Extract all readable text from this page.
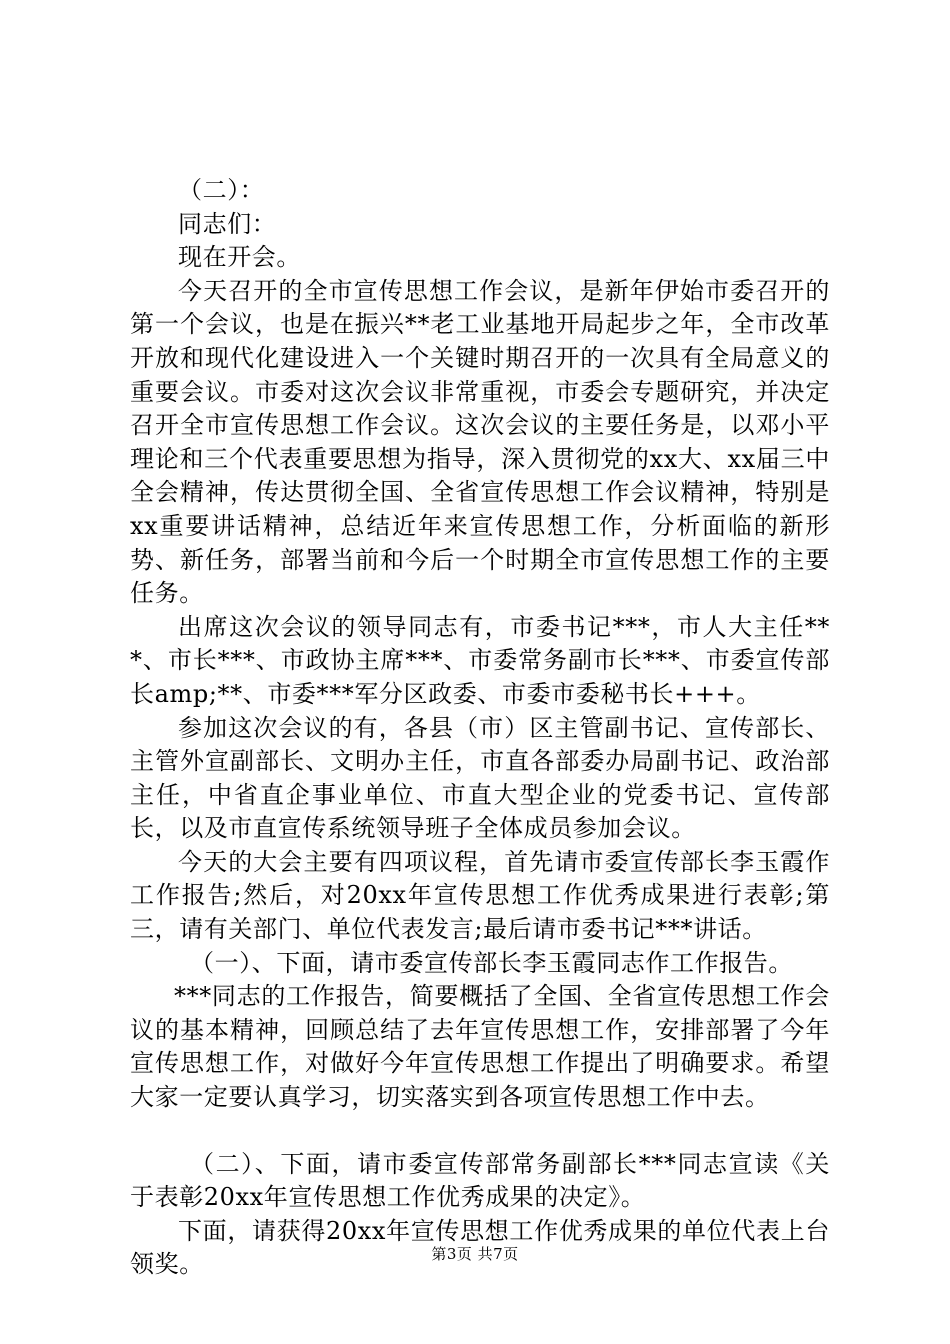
（二）：

同志们：

现在开会。

今天召开的全市宣传思想工作会议，是新年伊始市委召开的第一个会议，也是在振兴**老工业基地开局起步之年，全市改革开放和现代化建设进入一个关键时期召开的一次具有全局意义的重要会议。市委对这次会议非常重视，市委会专题研究，并决定召开全市宣传思想工作会议。这次会议的主要任务是，以邓小平理论和三个代表重要思想为指导，深入贯彻党的xx大、xx届三中全会精神，传达贯彻全国、全省宣传思想工作会议精神，特别是xx重要讲话精神，总结近年来宣传思想工作，分析面临的新形势、新任务，部署当前和今后一个时期全市宣传思想工作的主要任务。

出席这次会议的领导同志有，市委书记***，市人大主任***、市长***、市政协主席***、市委常务副市长***、市委宣传部长amp;**、市委***军分区政委、市委市委秘书长+++。

参加这次会议的有，各县（市）区主管副书记、宣传部长、主管外宣副部长、文明办主任，市直各部委办局副书记、政治部主任，中省直企事业单位、市直大型企业的党委书记、宣传部长，以及市直宣传系统领导班子全体成员参加会议。

今天的大会主要有四项议程，首先请市委宣传部长李玉霞作工作报告;然后，对20xx年宣传思想工作优秀成果进行表彰;第三，请有关部门、单位代表发言;最后请市委书记***讲话。

（一）、下面，请市委宣传部长李玉霞同志作工作报告。

***同志的工作报告，简要概括了全国、全省宣传思想工作会议的基本精神，回顾总结了去年宣传思想工作，安排部署了今年宣传思想工作，对做好今年宣传思想工作提出了明确要求。希望大家一定要认真学习，切实落实到各项宣传思想工作中去。

（二）、下面，请市委宣传部常务副部长***同志宣读《关于表彰20xx年宣传思想工作优秀成果的决定》。

下面，请获得20xx年宣传思想工作优秀成果的单位代表上台领奖。	第3页 共7页
